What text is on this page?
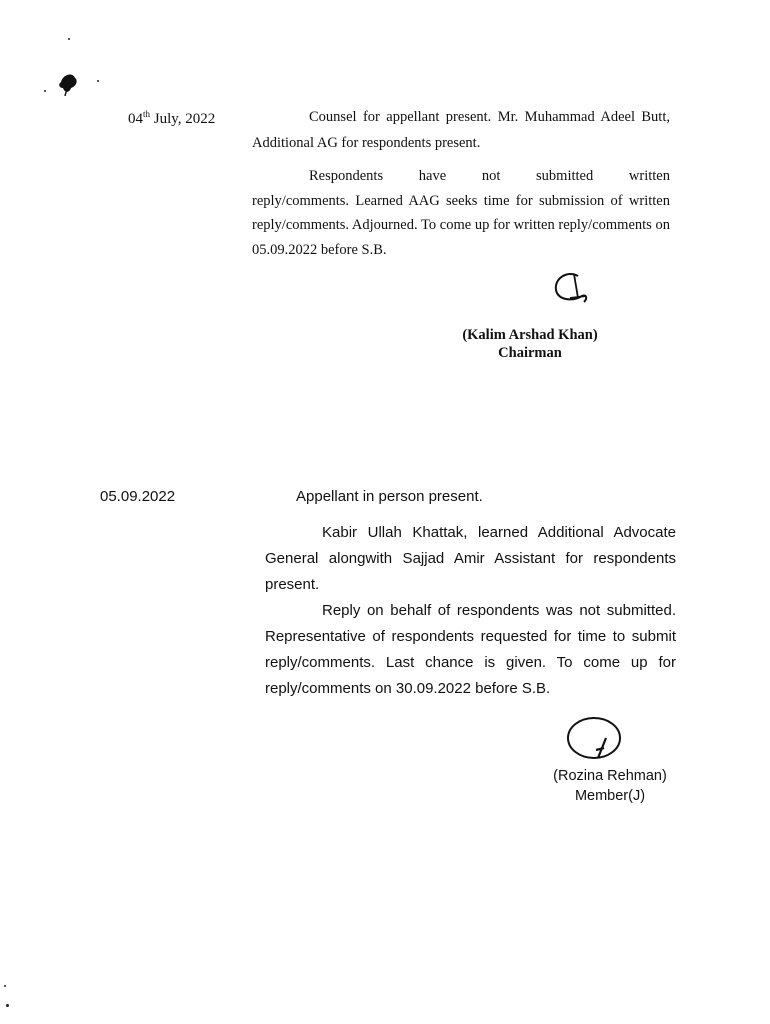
04th July, 2022	Counsel for appellant present. Mr. Muhammad Adeel Butt, Additional AG for respondents present.
Respondents have not submitted written
reply/comments. Learned AAG seeks time for submission of written reply/comments. Adjourned. To come up for written reply/comments on 05.09.2022 before S.B.
(Kalim Arshad Khan)
Chairman
05.09.2022	Appellant in person present.
Kabir Ullah Khattak, learned Additional Advocate General alongwith Sajjad Amir Assistant for respondents present.
Reply on behalf of respondents was not submitted. Representative of respondents requested for time to submit reply/comments. Last chance is given. To come up for reply/comments on 30.09.2022 before S.B.
(Rozina Rehman)
Member(J)
